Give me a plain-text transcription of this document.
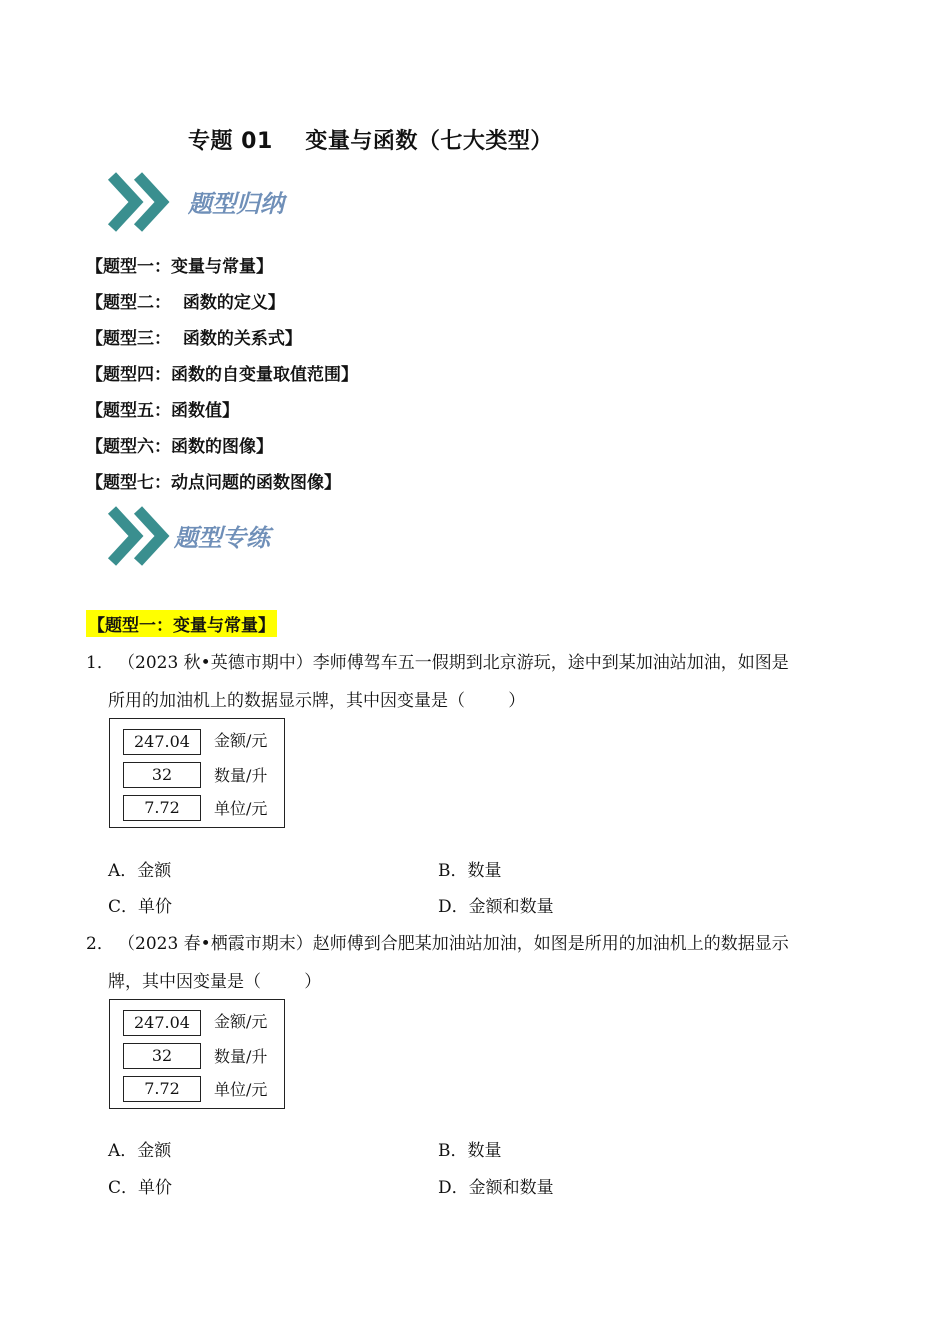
专题 01    变量与函数（七大类型）
题型归纳
【题型一：变量与常量】
【题型二：  函数的定义】
【题型三：  函数的关系式】
【题型四：函数的自变量取值范围】
【题型五：函数值】
【题型六：函数的图像】
【题型七：动点问题的函数图像】
题型专练
【题型一：变量与常量】
1． （2023 秋•英德市期中）李师傅驾车五一假期到北京游玩，途中到某加油站加油，如图是
所用的加油机上的数据显示牌，其中因变量是（        ）
247.04	金额/元
32	数量/升
7.72	单位/元
A．金额	B．数量
C．单价	D．金额和数量
2． （2023 春•栖霞市期末）赵师傅到合肥某加油站加油，如图是所用的加油机上的数据显示
牌，其中因变量是（        ）
247.04	金额/元
32	数量/升
7.72	单位/元
A．金额	B．数量
C．单价	D．金额和数量
